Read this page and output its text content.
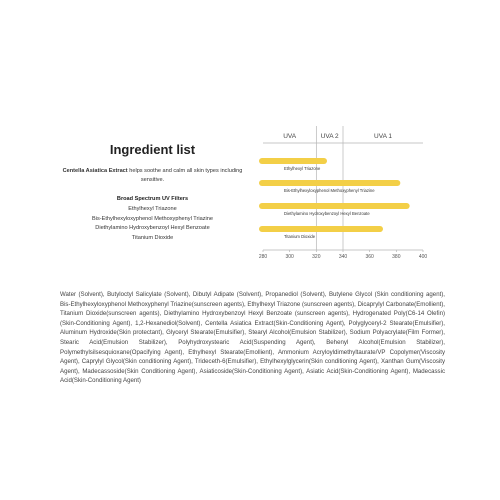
Ingredient list
Centella Asiatica Extract helps soothe and calm all skin types including sensitive.
Broad Spectrum UV Filters
Ethylhexyl Triazone
Bis-Ethylhexyloxyphenol Methoxyphenyl Triazine
Diethylamino Hydroxybenzoyl Hexyl Benzoate
Titanium Dioxide
UVA	UVA 2	UVA 1
Ethylhexyl Triazone
Bis-Ethylhexyloxyphenol Methoxyphenyl Triazine
Diethylamino Hydroxybenzoyl Hexyl Benzoate
Titanium Dioxide
280	300	320	340	360	380	400
Water (Solvent), Butyloctyl Salicylate (Solvent), Dibutyl Adipate (Solvent), Propanediol (Solvent), Butylene Glycol (Skin conditioning agent), Bis-Ethylhexyloxyphenol Methoxyphenyl Triazine(sunscreen agents), Ethylhexyl Triazone (sunscreen agents), Dicaprylyl Carbonate(Emollient), Titanium Dioxide(sunscreen agents), Diethylamino Hydroxybenzoyl Hexyl Benzoate (sunscreen agents), Hydrogenated Poly(C6-14 Olefin)(Skin-Conditioning Agent), 1,2-Hexanediol(Solvent), Centella Asiatica Extract(Skin-Conditioning Agent), Polyglyceryl-2 Stearate(Emulsifier), Aluminum Hydroxide(Skin protectant), Glyceryl Stearate(Emulsifier), Stearyl Alcohol(Emulsion Stabilizer), Sodium Polyacrylate(Film Former), Stearic Acid(Emulsion Stabilizer), Polyhydroxystearic Acid(Suspending Agent), Behenyl Alcohol(Emulsion Stabilizer), Polymethylsilsesquioxane(Opacifying Agent), Ethylhexyl Stearate(Emollient), Ammonium Acryloyldimethyltaurate/VP Copolymer(Viscosity Agent), Caprylyl Glycol(Skin conditioning Agent), Trideceth-6(Emulsifier), Ethylhexylglycerin(Skin conditioning Agent), Xanthan Gum(Viscosity Agent), Madecassoside(Skin Conditioning Agent), Asiaticoside(Skin-Conditioning Agent), Asiatic Acid(Skin-Conditioning Agent), Madecassic Acid(Skin-Conditioning Agent)
